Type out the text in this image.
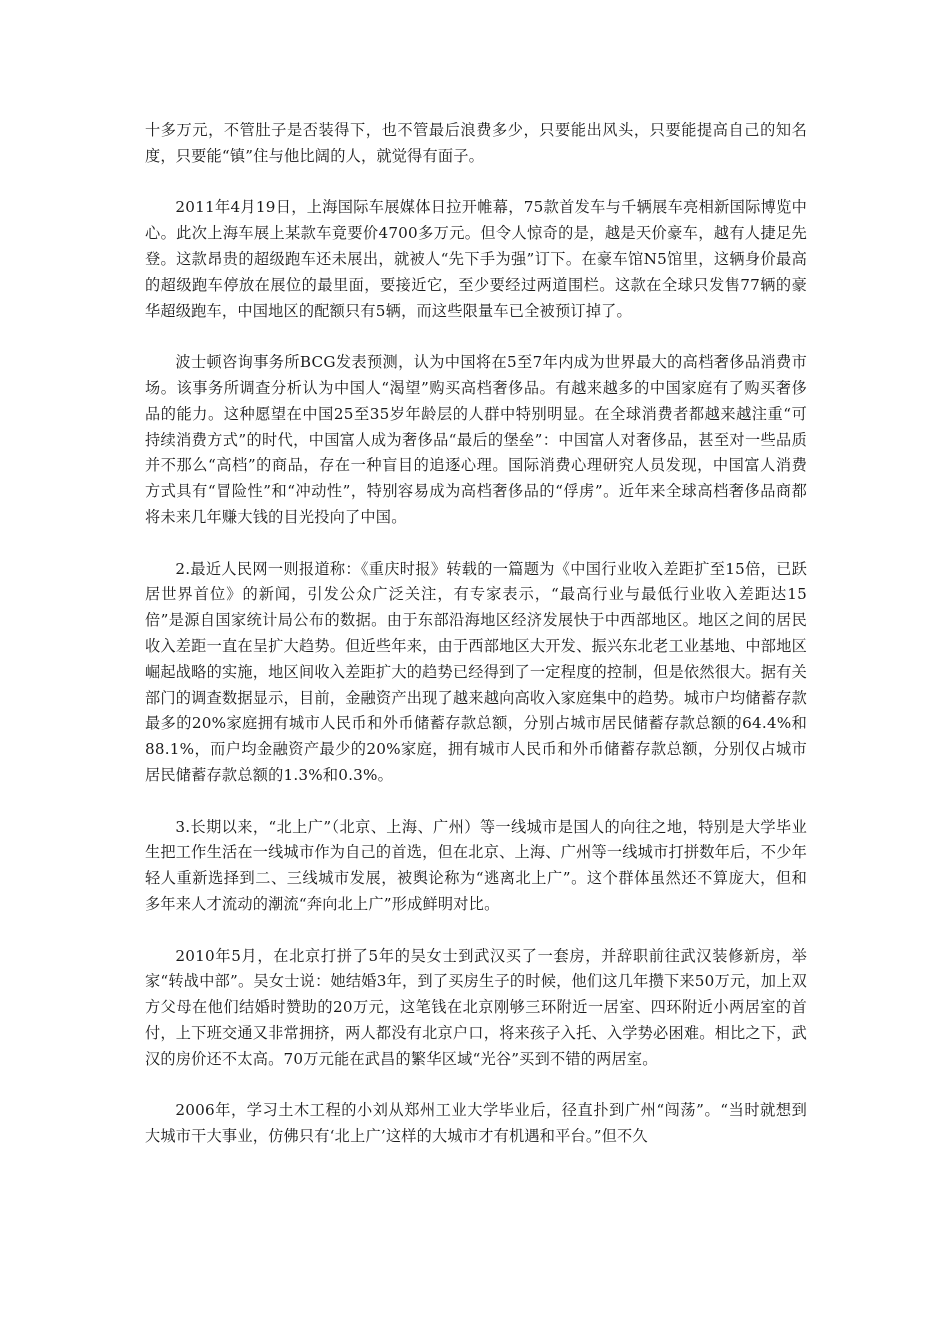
十多万元，不管肚子是否装得下，也不管最后浪费多少，只要能出风头，只要能提高自己的知名度，只要能“镇”住与他比阔的人，就觉得有面子。

2011年4月19日，上海国际车展媒体日拉开帷幕，75款首发车与千辆展车亮相新国际博览中心。此次上海车展上某款车竟要价4700多万元。但令人惊奇的是，越是天价豪车，越有人捷足先登。这款昂贵的超级跑车还未展出，就被人“先下手为强”订下。在豪车馆N5馆里，这辆身价最高的超级跑车停放在展位的最里面，要接近它，至少要经过两道围栏。这款在全球只发售77辆的豪华超级跑车，中国地区的配额只有5辆，而这些限量车已全被预订掉了。

波士顿咨询事务所BCG发表预测，认为中国将在5至7年内成为世界最大的高档奢侈品消费市场。该事务所调查分析认为中国人“渴望”购买高档奢侈品。有越来越多的中国家庭有了购买奢侈品的能力。这种愿望在中国25至35岁年龄层的人群中特别明显。在全球消费者都越来越注重“可持续消费方式”的时代，中国富人成为奢侈品“最后的堡垒”：中国富人对奢侈品，甚至对一些品质并不那么“高档”的商品，存在一种盲目的追逐心理。国际消费心理研究人员发现，中国富人消费方式具有“冒险性”和“冲动性”，特别容易成为高档奢侈品的“俘虏”。近年来全球高档奢侈品商都将未来几年赚大钱的目光投向了中国。

2.最近人民网一则报道称：《重庆时报》转载的一篇题为《中国行业收入差距扩至15倍，已跃居世界首位》的新闻，引发公众广泛关注，有专家表示，“最高行业与最低行业收入差距达15倍”是源自国家统计局公布的数据。由于东部沿海地区经济发展快于中西部地区。地区之间的居民收入差距一直在呈扩大趋势。但近些年来，由于西部地区大开发、振兴东北老工业基地、中部地区崛起战略的实施，地区间收入差距扩大的趋势已经得到了一定程度的控制，但是依然很大。据有关部门的调查数据显示，目前，金融资产出现了越来越向高收入家庭集中的趋势。城市户均储蓄存款最多的20%家庭拥有城市人民币和外币储蓄存款总额，分别占城市居民储蓄存款总额的64.4%和88.1%，而户均金融资产最少的20%家庭，拥有城市人民币和外币储蓄存款总额，分别仅占城市居民储蓄存款总额的1.3%和0.3%。

3.长期以来，“北上广”（北京、上海、广州）等一线城市是国人的向往之地，特别是大学毕业生把工作生活在一线城市作为自己的首选，但在北京、上海、广州等一线城市打拼数年后，不少年轻人重新选择到二、三线城市发展，被舆论称为“逃离北上广”。这个群体虽然还不算庞大，但和多年来人才流动的潮流“奔向北上广”形成鲜明对比。

2010年5月，在北京打拼了5年的吴女士到武汉买了一套房，并辞职前往武汉装修新房，举家“转战中部”。吴女士说：她结婚3年，到了买房生子的时候，他们这几年攒下来50万元，加上双方父母在他们结婚时赞助的20万元，这笔钱在北京刚够三环附近一居室、四环附近小两居室的首付，上下班交通又非常拥挤，两人都没有北京户口，将来孩子入托、入学势必困难。相比之下，武汉的房价还不太高。70万元能在武昌的繁华区域“光谷”买到不错的两居室。

2006年，学习土木工程的小刘从郑州工业大学毕业后，径直扑到广州“闯荡”。“当时就想到大城市干大事业，仿佛只有‘北上广’这样的大城市才有机遇和平台。”但不久
